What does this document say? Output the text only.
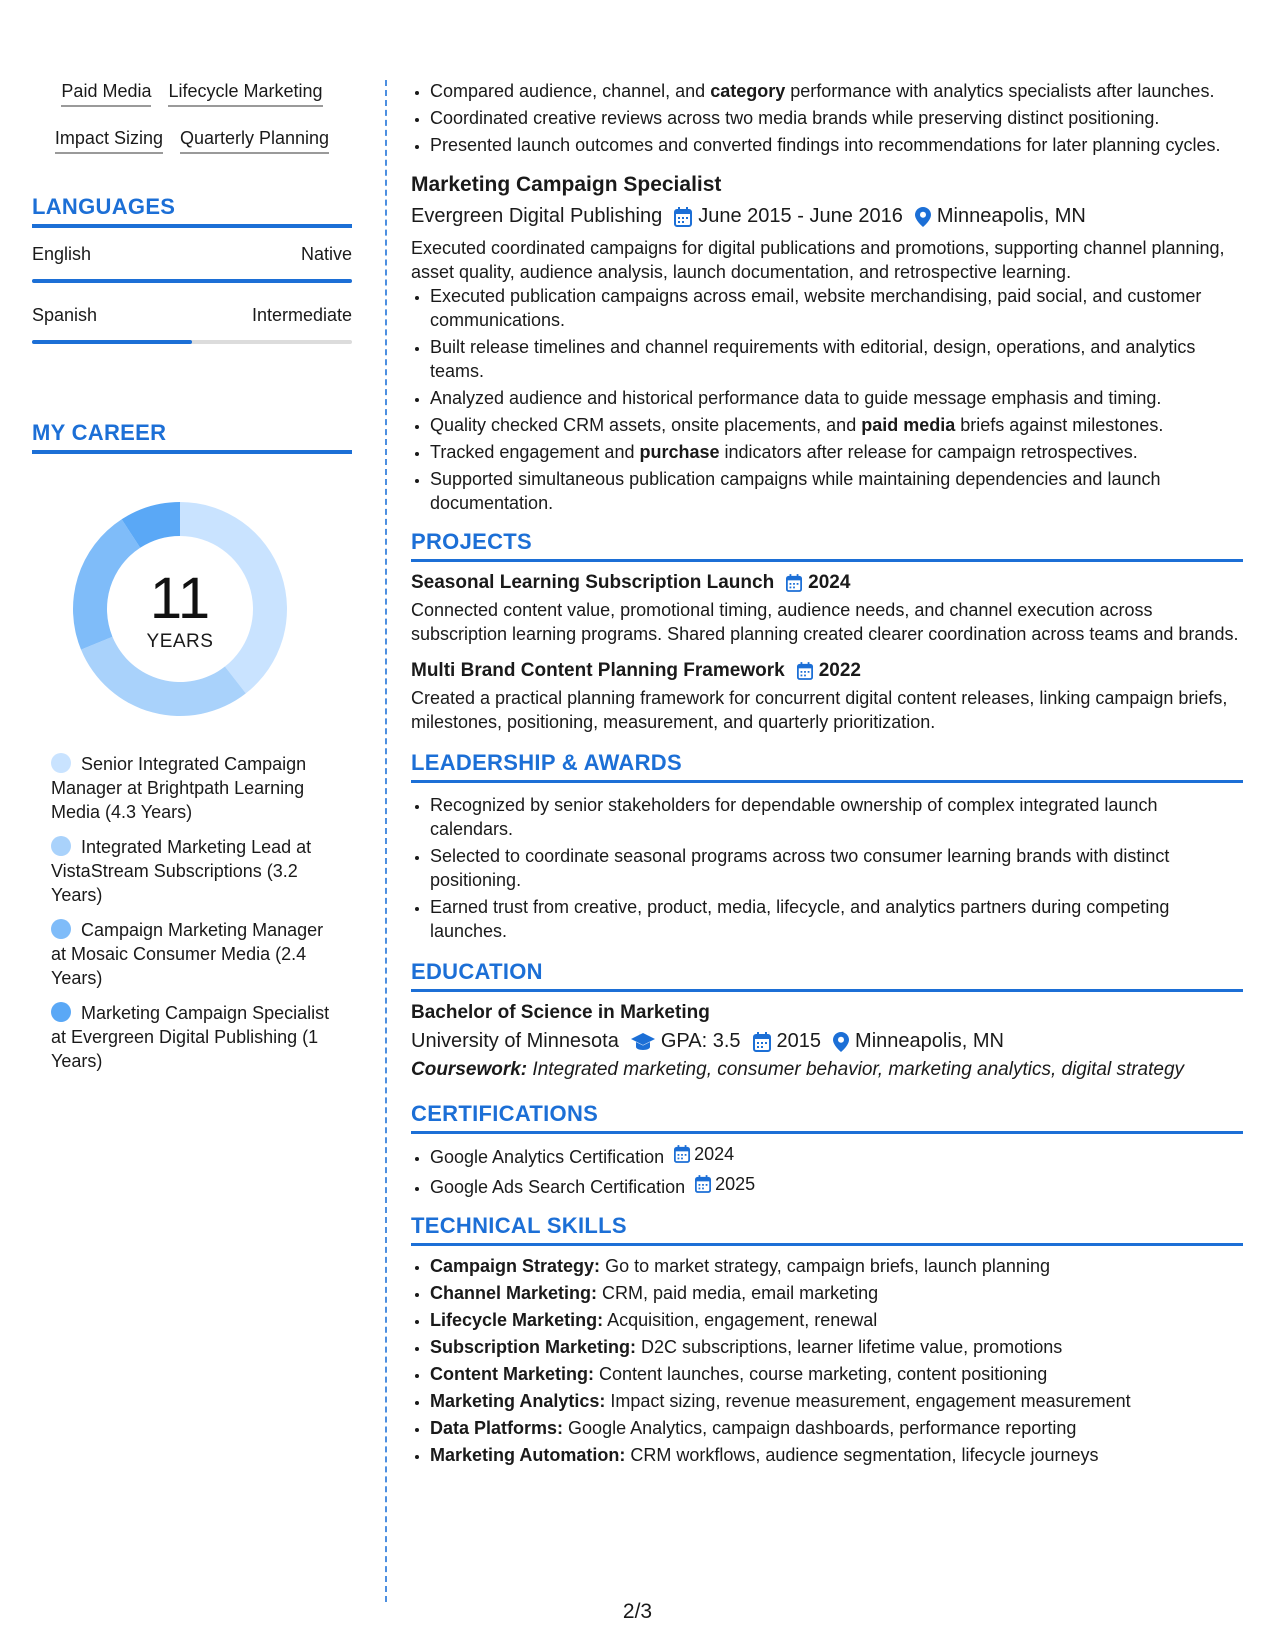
Paid Media Lifecycle Marketing
Impact Sizing Quarterly Planning
LANGUAGES
English	Native
Spanish	Intermediate
MY CAREER
11
YEARS
Senior Integrated Campaign Manager at Brightpath Learning Media (4.3 Years)
Integrated Marketing Lead at VistaStream Subscriptions (3.2 Years)
Campaign Marketing Manager at Mosaic Consumer Media (2.4 Years)
Marketing Campaign Specialist at Evergreen Digital Publishing (1 Years)
• Compared audience, channel, and category performance with analytics specialists after launches.
• Coordinated creative reviews across two media brands while preserving distinct positioning.
• Presented launch outcomes and converted findings into recommendations for later planning cycles.
Marketing Campaign Specialist
Evergreen Digital Publishing June 2015 - June 2016 Minneapolis, MN
Executed coordinated campaigns for digital publications and promotions, supporting channel planning, asset quality, audience analysis, launch documentation, and retrospective learning.
• Executed publication campaigns across email, website merchandising, paid social, and customer communications.
• Built release timelines and channel requirements with editorial, design, operations, and analytics teams.
• Analyzed audience and historical performance data to guide message emphasis and timing.
• Quality checked CRM assets, onsite placements, and paid media briefs against milestones.
• Tracked engagement and purchase indicators after release for campaign retrospectives.
• Supported simultaneous publication campaigns while maintaining dependencies and launch documentation.
PROJECTS
Seasonal Learning Subscription Launch 2024
Connected content value, promotional timing, audience needs, and channel execution across subscription learning programs. Shared planning created clearer coordination across teams and brands.
Multi Brand Content Planning Framework 2022
Created a practical planning framework for concurrent digital content releases, linking campaign briefs, milestones, positioning, measurement, and quarterly prioritization.
LEADERSHIP & AWARDS
• Recognized by senior stakeholders for dependable ownership of complex integrated launch calendars.
• Selected to coordinate seasonal programs across two consumer learning brands with distinct positioning.
• Earned trust from creative, product, media, lifecycle, and analytics partners during competing launches.
EDUCATION
Bachelor of Science in Marketing
University of Minnesota GPA: 3.5 2015 Minneapolis, MN
Coursework: Integrated marketing, consumer behavior, marketing analytics, digital strategy
CERTIFICATIONS
• Google Analytics Certification 2024
• Google Ads Search Certification 2025
TECHNICAL SKILLS
• Campaign Strategy: Go to market strategy, campaign briefs, launch planning
• Channel Marketing: CRM, paid media, email marketing
• Lifecycle Marketing: Acquisition, engagement, renewal
• Subscription Marketing: D2C subscriptions, learner lifetime value, promotions
• Content Marketing: Content launches, course marketing, content positioning
• Marketing Analytics: Impact sizing, revenue measurement, engagement measurement
• Data Platforms: Google Analytics, campaign dashboards, performance reporting
• Marketing Automation: CRM workflows, audience segmentation, lifecycle journeys
2/3
